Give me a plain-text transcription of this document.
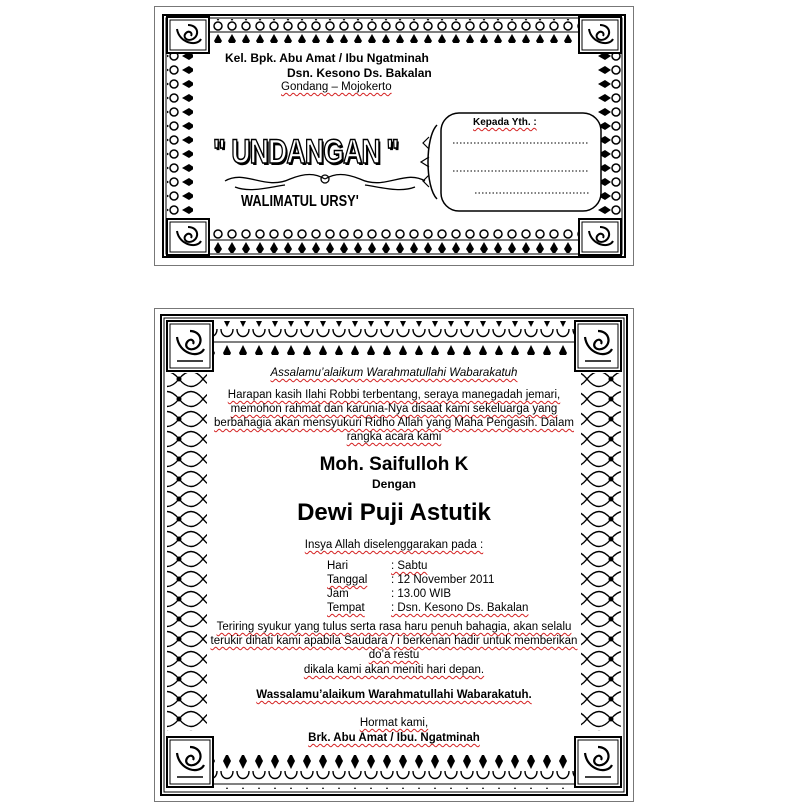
Kel. Bpk. Abu Amat / Ibu Ngatminah
Dsn. Kesono Ds. Bakalan
Gondang – Mojokerto
" UNDANGAN "
WALIMATUL URSY'
Kepada Yth. :
Assalamu’alaikum Warahmatullahi Wabarakatuh
Harapan kasih Ilahi Robbi terbentang, seraya manegadah jemari,
memohon rahmat dan karunia-Nya disaat kami sekeluarga yang
berbahagia akan mensyukuri Ridho Allah yang Maha Pengasih. Dalam
rangka acara kami
Moh. Saifulloh K
Dengan
Dewi Puji Astutik
Insya Allah diselenggarakan pada :
Hari	: Sabtu
Tanggal	: 12 November 2011
Jam	: 13.00 WIB
Tempat	: Dsn. Kesono Ds. Bakalan
Teriring syukur yang tulus serta rasa haru penuh bahagia, akan selalu
terukir dihati kami apabila Saudara / i berkenan hadir untuk memberikan
do’a restu
dikala kami akan meniti hari depan.
Wassalamu’alaikum Warahmatullahi Wabarakatuh.
Hormat kami,
Brk. Abu Amat / Ibu. Ngatminah
